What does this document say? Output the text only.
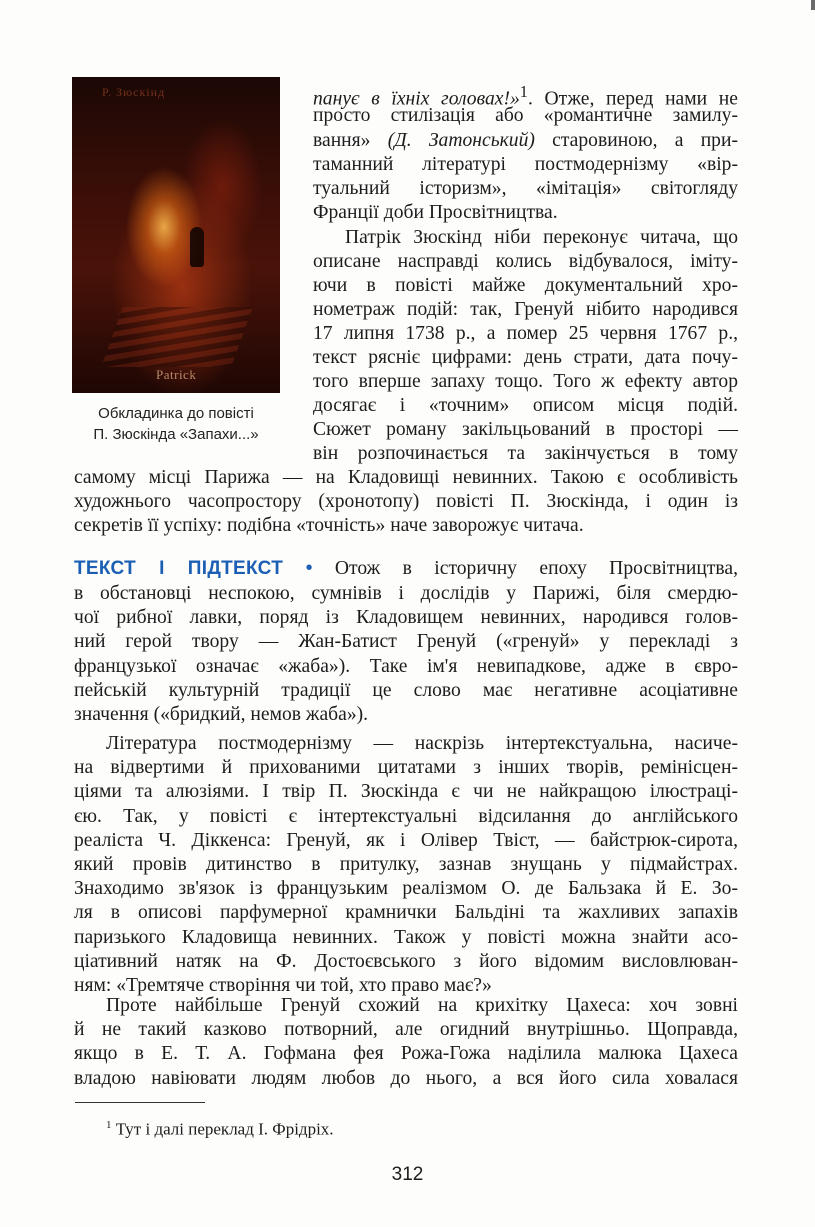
Р. Зюскінд
Patrick
Обкладинка до повісті
П. Зюскінда «Запахи...»
панує в їхніх головах!»$^1$. Отже, перед нами не
просто стилізація або «романтичне замилу-
вання» (Д. Затонський) старовиною, а при-
таманний літературі постмодернізму «вір-
туальний історизм», «імітація» світогляду
Франції доби Просвітництва.
Патрік Зюскінд ніби переконує читача, що
описане насправді колись відбувалося, іміту-
ючи в повісті майже документальний хро-
нометраж подій: так, Гренуй нібито народився
17 липня 1738 р., а помер 25 червня 1767 р.,
текст рясніє цифрами: день страти, дата почу-
того вперше запаху тощо. Того ж ефекту автор
досягає і «точним» описом місця подій.
Сюжет роману закільцьований в просторі —
він розпочинається та закінчується в тому
самому місці Парижа — на Кладовищі невинних. Такою є особливість
художнього часопростору (хронотопу) повісті П. Зюскінда, і один із
секретів її успіху: подібна «точність» наче заворожує читача.
ТЕКСТ І ПІДТЕКСТ • Отож в історичну епоху Просвітництва,
в обстановці неспокою, сумнівів і дослідів у Парижі, біля смердю-
чої рибної лавки, поряд із Кладовищем невинних, народився голов-
ний герой твору — Жан-Батист Гренуй («гренуй» у перекладі з
французької означає «жаба»). Таке ім'я невипадкове, адже в євро-
пейській культурній традиції це слово має негативне асоціативне
значення («бридкий, немов жаба»).
Література постмодернізму — наскрізь інтертекстуальна, насиче-
на відвертими й прихованими цитатами з інших творів, ремінісцен-
ціями та алюзіями. І твір П. Зюскінда є чи не найкращою ілюстраці-
єю. Так, у повісті є інтертекстуальні відсилання до англійського
реаліста Ч. Діккенса: Гренуй, як і Олівер Твіст, — байстрюк-сирота,
який провів дитинство в притулку, зазнав знущань у підмайстрах.
Знаходимо зв'язок із французьким реалізмом О. де Бальзака й Е. Зо-
ля в описові парфумерної крамнички Бальдіні та жахливих запахів
паризького Кладовища невинних. Також у повісті можна знайти асо-
ціативний натяк на Ф. Достоєвського з його відомим висловлюван-
ням: «Тремтяче створіння чи той, хто право має?»
Проте найбільше Гренуй схожий на крихітку Цахеса: хоч зовні
й не такий казково потворний, але огидний внутрішньо. Щоправда,
якщо в Е. Т. А. Гофмана фея Рожа-Гожа наділила малюка Цахеса
владою навіювати людям любов до нього, а вся його сила ховалася
$^1$ Тут і далі переклад І. Фрідріх.
312
